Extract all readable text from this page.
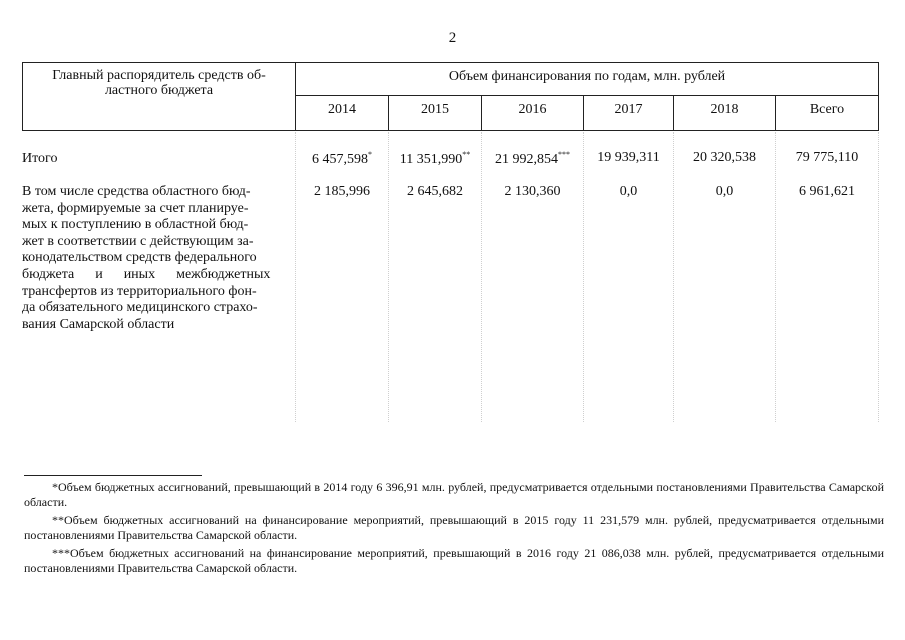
2
Главный распорядитель средств об-
ластного бюджета
Объем финансирования по годам, млн. рублей
2014	2015	2016	2017	2018	Всего
Итого	6 457,598*	11 351,990**	21 992,854***	19 939,311	20 320,538	79 775,110
В том числе средства областного бюд-
жета, формируемые за счет планируе-
мых к поступлению в областной бюд-
жет в соответствии с действующим за-
конодательством средств федерального
бюджета      и      иных      межбюджетных
трансфертов из территориального фон-
да обязательного медицинского страхо-
вания Самарской области
2 185,996	2 645,682	2 130,360	0,0	0,0	6 961,621

*Объем бюджетных ассигнований, превышающий в 2014 году 6 396,91 млн. рублей, предусматривается отдельными постановлениями Правительства Самарской области.

**Объем бюджетных ассигнований на финансирование мероприятий, превышающий в 2015 году 11 231,579 млн. рублей, предусматривается отдельными постановлениями Правительства Самарской области.

***Объем бюджетных ассигнований на финансирование мероприятий, превышающий в 2016 году 21 086,038 млн. рублей, предусматривается отдельными постановлениями Правительства Самарской области.
